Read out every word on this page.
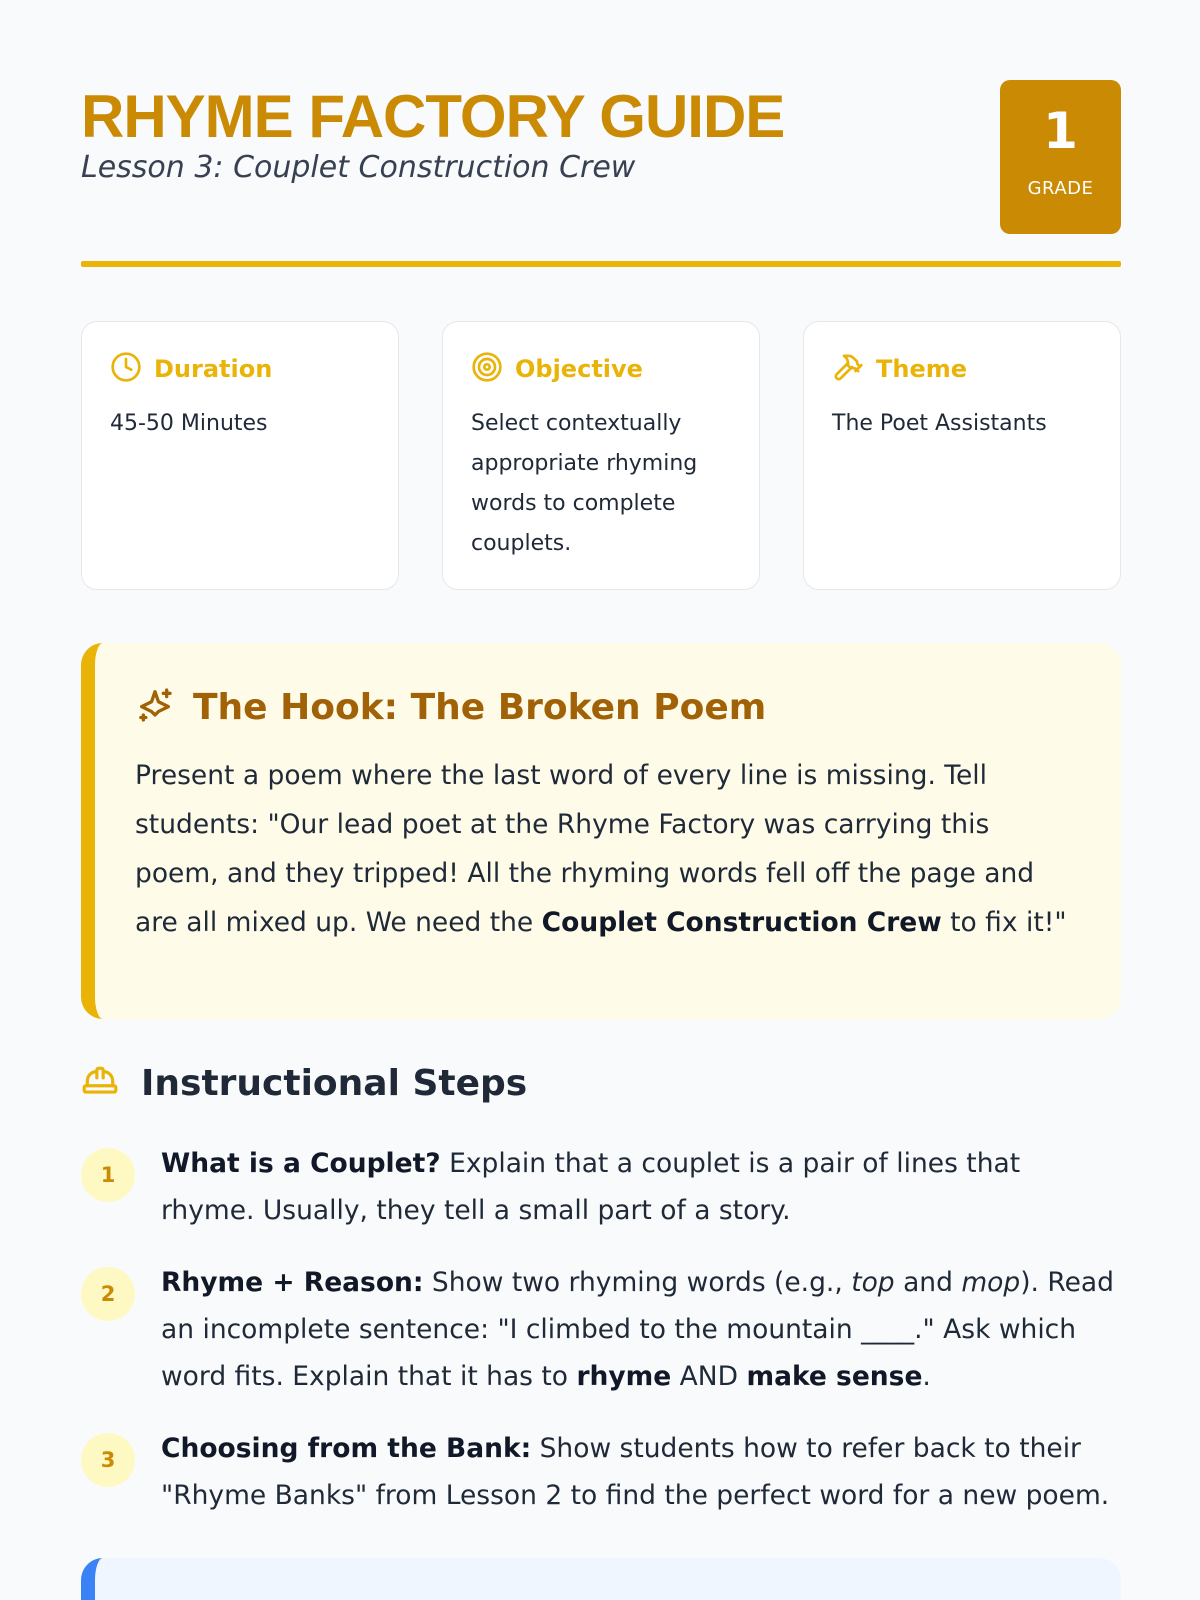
RHYME FACTORY GUIDE
Lesson 3: Couplet Construction Crew
1
GRADE
Duration
45-50 Minutes
Objective
Select contextually appropriate rhyming words to complete couplets.
Theme
The Poet Assistants
The Hook: The Broken Poem

Present a poem where the last word of every line is missing. Tell students: "Our lead poet at the Rhyme Factory was carrying this poem, and they tripped! All the rhyming words fell off the page and are all mixed up. We need the Couplet Construction Crew to fix it!"

Instructional Steps
1	What is a Couplet? Explain that a couplet is a pair of lines that rhyme. Usually, they tell a small part of a story.

2	Rhyme + Reason: Show two rhyming words (e.g., top and mop). Read an incomplete sentence: "I climbed to the mountain ____." Ask which word fits. Explain that it has to rhyme AND make sense.

3	Choosing from the Bank: Show students how to refer back to their "Rhyme Banks" from Lesson 2 to find the perfect word for a new poem.
